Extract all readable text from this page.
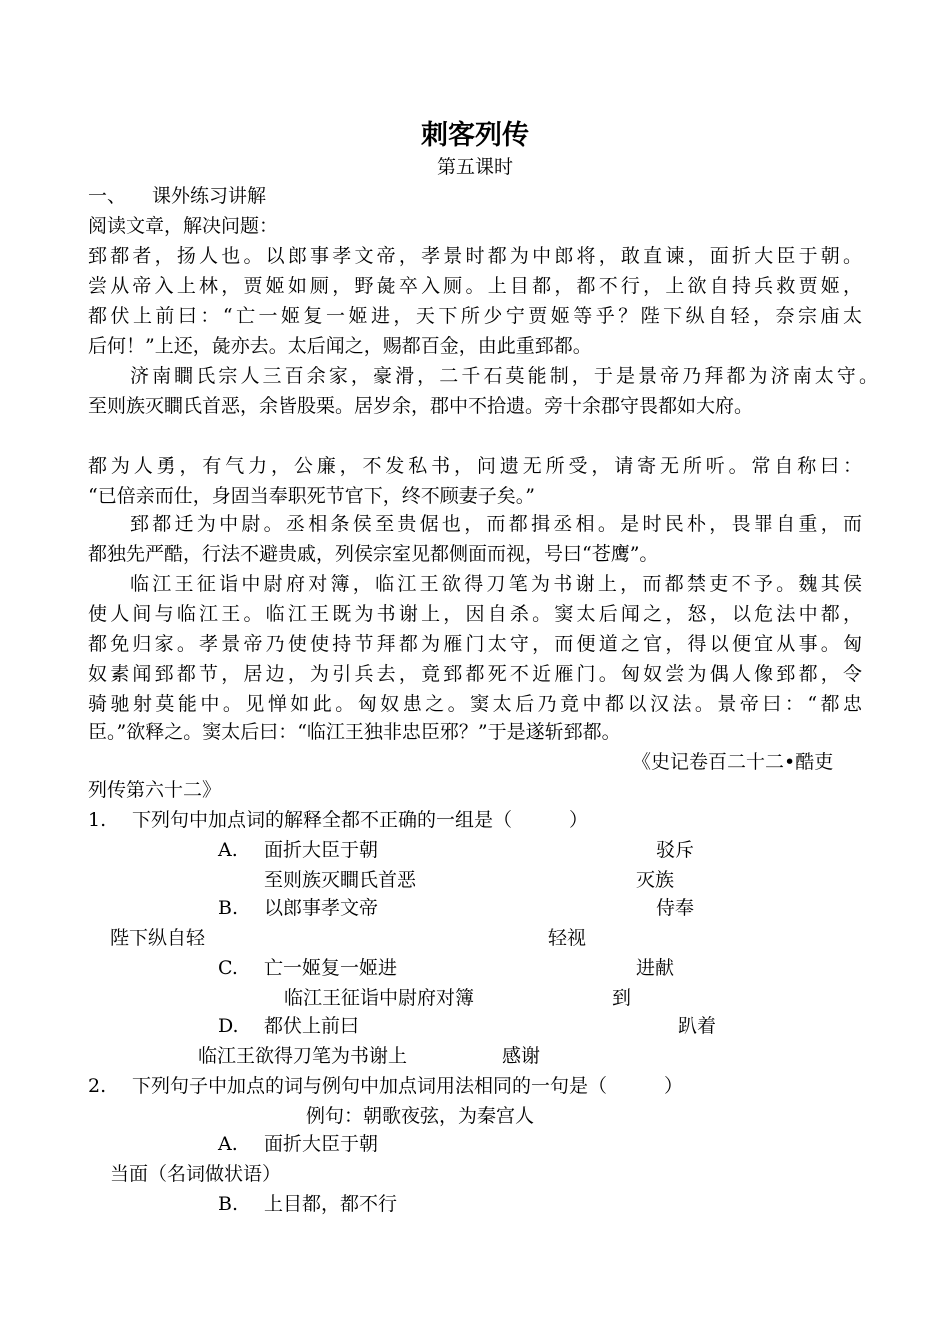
刺客列传
第五课时
一、 课外练习讲解
阅读文章，解决问题：
郅都者，扬人也。以郎事孝文帝，孝景时都为中郎将，敢直谏，面折大臣于朝。
尝从帝入上林，贾姬如厕，野彘卒入厕。上目都，都不行，上欲自持兵救贾姬，
都伏上前曰：“亡一姬复一姬进，天下所少宁贾姬等乎？陛下纵自轻，奈宗庙太
后何！”上还，彘亦去。太后闻之，赐都百金，由此重郅都。
济南瞷氏宗人三百余家，豪滑，二千石莫能制，于是景帝乃拜都为济南太守。
至则族灭瞷氏首恶，余皆股栗。居岁余，郡中不拾遗。旁十余郡守畏都如大府。
都为人勇，有气力，公廉，不发私书，问遗无所受，请寄无所听。常自称曰：
“已倍亲而仕，身固当奉职死节官下，终不顾妻子矣。”
郅都迁为中尉。丞相条侯至贵倨也，而都揖丞相。是时民朴，畏罪自重，而
都独先严酷，行法不避贵戚，列侯宗室见都侧面而视，号曰“苍鹰”。
临江王征诣中尉府对簿，临江王欲得刀笔为书谢上，而都禁吏不予。魏其侯
使人间与临江王。临江王既为书谢上，因自杀。窦太后闻之，怒，以危法中都，
都免归家。孝景帝乃使使持节拜都为雁门太守，而便道之官，得以便宜从事。匈
奴素闻郅都节，居边，为引兵去，竟郅都死不近雁门。匈奴尝为偶人像郅都，令
骑驰射莫能中。见惮如此。匈奴患之。窦太后乃竟中都以汉法。景帝曰：“都忠
臣。”欲释之。窦太后曰：“临江王独非忠臣邪？”于是遂斩郅都。
《史记卷百二十二•酷吏
列传第六十二》
1. 下列句中加点词的解释全都不正确的一组是（　　　）
A. 面折大臣于朝	驳斥
至则族灭瞷氏首恶	灭族
B. 以郎事孝文帝	侍奉
陛下纵自轻	轻视
C. 亡一姬复一姬进	进献
临江王征诣中尉府对簿	到
D. 都伏上前曰	趴着
临江王欲得刀笔为书谢上	感谢
2. 下列句子中加点的词与例句中加点词用法相同的一句是（　　　）
例句：朝歌夜弦，为秦宫人
A. 面折大臣于朝
当面（名词做状语）
B. 上目都，都不行
